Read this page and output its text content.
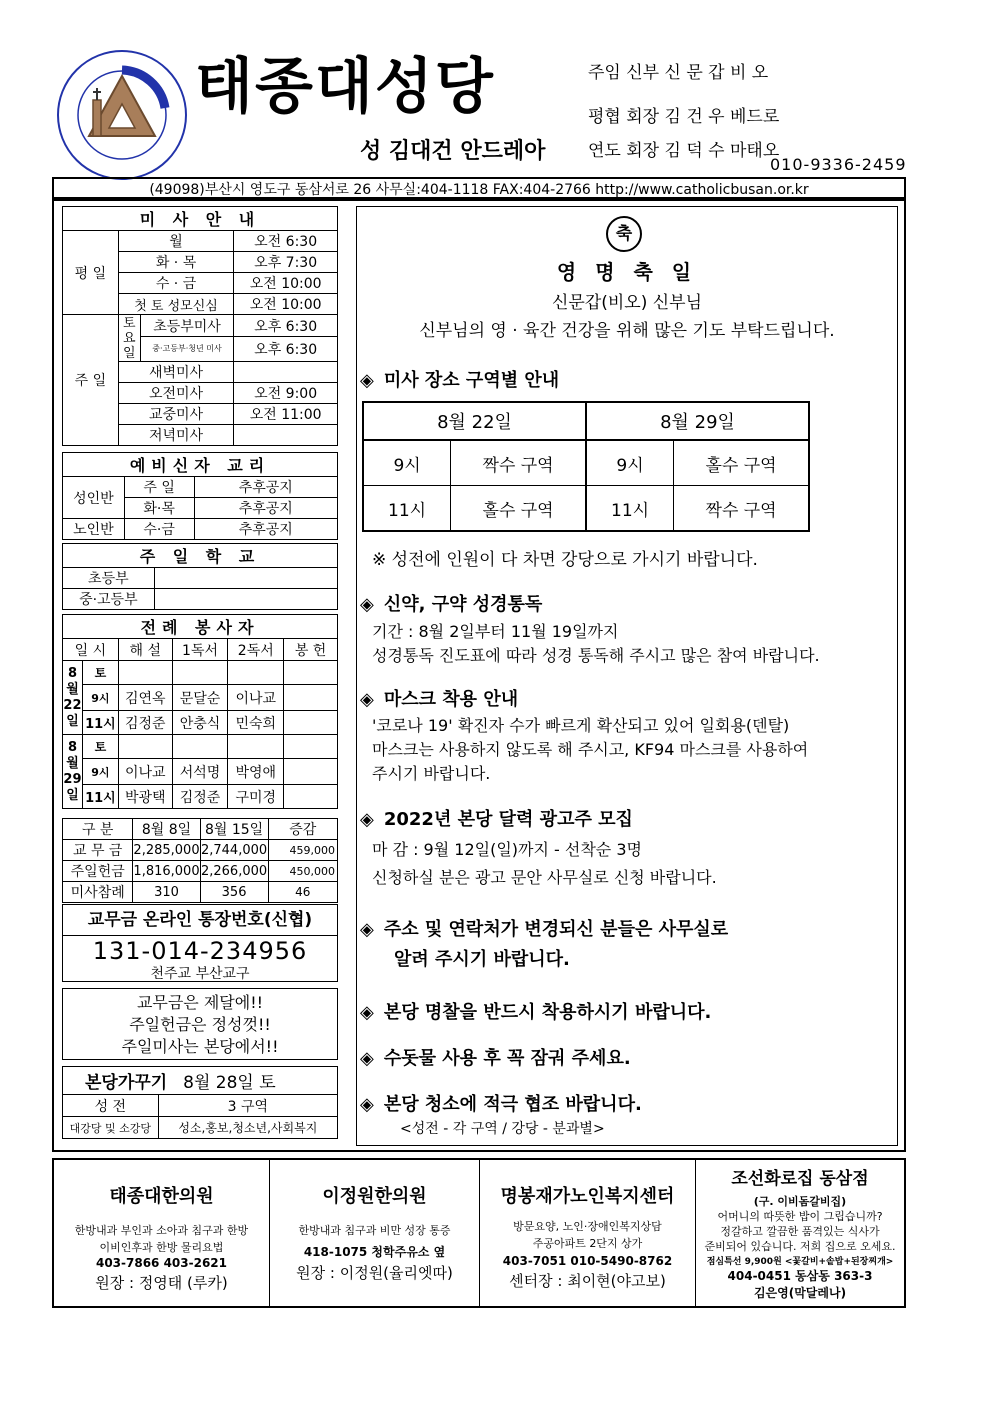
태종대성당
성 김대건 안드레아
주임 신부 신 문 갑 비 오
평협 회장 김 건 우 베드로
연도 회장 김 덕 수 마태오
010-9336-2459
(49098)부산시 영도구 동삼서로 26 사무실:404-1118 FAX:404-2766 http://www.catholicbusan.or.kr
미 사 안 내			
평 일	월		오전 6:30
	화 · 목		오후 7:30
	수 · 금		오전 10:00
	첫 토 성모신심		오전 10:00
주 일	토요일	초등부미사	오후 6:30
		중·고등부·청년 미사	오후 6:30
	새벽미사		
	오전미사		오전 9:00
	교중미사		오전 11:00
	저녁미사		
예비신자 교리		
성인반	주 일	추후공지
	화·목	추후공지
노인반	수·금	추후공지
주 일 학 교	
초등부	
중·고등부	
전례 봉사자					
일 시		해 설	1독서	2독서	봉 헌
8월22일	토				
	9시	김연옥	문달순	이나교	
	11시	김정준	안충식	민숙희	
8월29일	토				
	9시	이나교	서석명	박영애	
	11시	박광택	김정준	구미경	
구 분	8월 8일	8월 15일	증감
교 무 금	2,285,000	2,744,000	459,000
주일헌금	1,816,000	2,266,000	450,000
미사참례	310	356	46
교무금 온라인 통장번호(신협)
131-014-234956
천주교 부산교구
교무금은 제달에!!
주일헌금은 정성껏!!
주일미사는 본당에서!!
본당가꾸기 8월 28일 토	
성 전	3 구역
대강당 및 소강당	성소,홍보,청소년,사회복지
축
영 명 축 일
신문갑(비오) 신부님
신부님의 영 · 육간 건강을 위해 많은 기도 부탁드립니다.
◈ 미사 장소 구역별 안내
8월 22일		8월 29일	
9시	짝수 구역	9시	홀수 구역
11시	홀수 구역	11시	짝수 구역
※ 성전에 인원이 다 차면 강당으로 가시기 바랍니다.
◈ 신약, 구약 성경통독
기간 : 8월 2일부터 11월 19일까지
성경통독 진도표에 따라 성경 통독해 주시고 많은 참여 바랍니다.
◈ 마스크 착용 안내
'코로나 19' 확진자 수가 빠르게 확산되고 있어 일회용(덴탈)
마스크는 사용하지 않도록 해 주시고, KF94 마스크를 사용하여
주시기 바랍니다.
◈ 2022년 본당 달력 광고주 모집
마 감 : 9월 12일(일)까지 - 선착순 3명
신청하실 분은 광고 문안 사무실로 신청 바랍니다.
◈ 주소 및 연락처가 변경되신 분들은 사무실로
알려 주시기 바랍니다.
◈ 본당 명찰을 반드시 착용하시기 바랍니다.
◈ 수돗물 사용 후 꼭 잠궈 주세요.
◈ 본당 청소에 적극 협조 바랍니다.
<성전 - 각 구역 / 강당 - 분과별>
태종대한의원
한방내과 부인과 소아과 침구과 한방
이비인후과 한방 물리요법
403-7866 403-2621
원장 : 정영태 (루카)
이정원한의원
한방내과 침구과 비만 성장 통증
418-1075 청학주유소 옆
원장 : 이정원(율리엣따)
명봉재가노인복지센터
방문요양, 노인·장애인복지상담
주공아파트 2단지 상가
403-7051 010-5490-8762
센터장 : 최이현(야고보)
조선화로집 동삼점
(구. 이비돔갈비집)
어머니의 따뜻한 밥이 그립습니까?
정갈하고 깔끔한 품격있는 식사가
준비되어 있습니다. 저희 집으로 오세요.
점심특선 9,900원 <꽃갈비+솥밥+된장찌개>
404-0451 동삼동 363-3
김은영(막달레나)
